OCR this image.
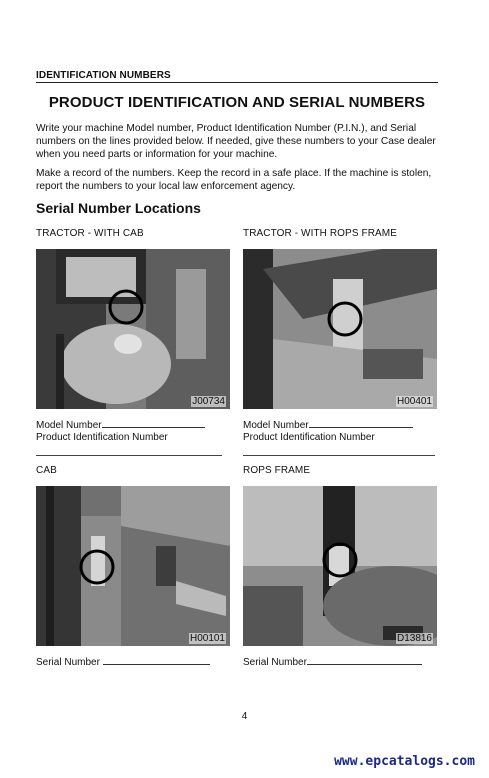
IDENTIFICATION NUMBERS
PRODUCT IDENTIFICATION AND SERIAL NUMBERS
Write your machine Model number, Product Identification Number (P.I.N.), and Serial numbers on the lines provided below. If needed, give these numbers to your Case dealer when you need parts or information for your machine.
Make a record of the numbers. Keep the record in a safe place. If the machine is stolen, report the numbers to your local law enforcement agency.
Serial Number Locations
TRACTOR - WITH CAB
J00734
Model Number
Product Identification Number
TRACTOR - WITH ROPS FRAME
H00401
Model Number
Product Identification Number
CAB
H00101
Serial Number
ROPS FRAME
D13816
Serial Number
4
www.epcatalogs.com
